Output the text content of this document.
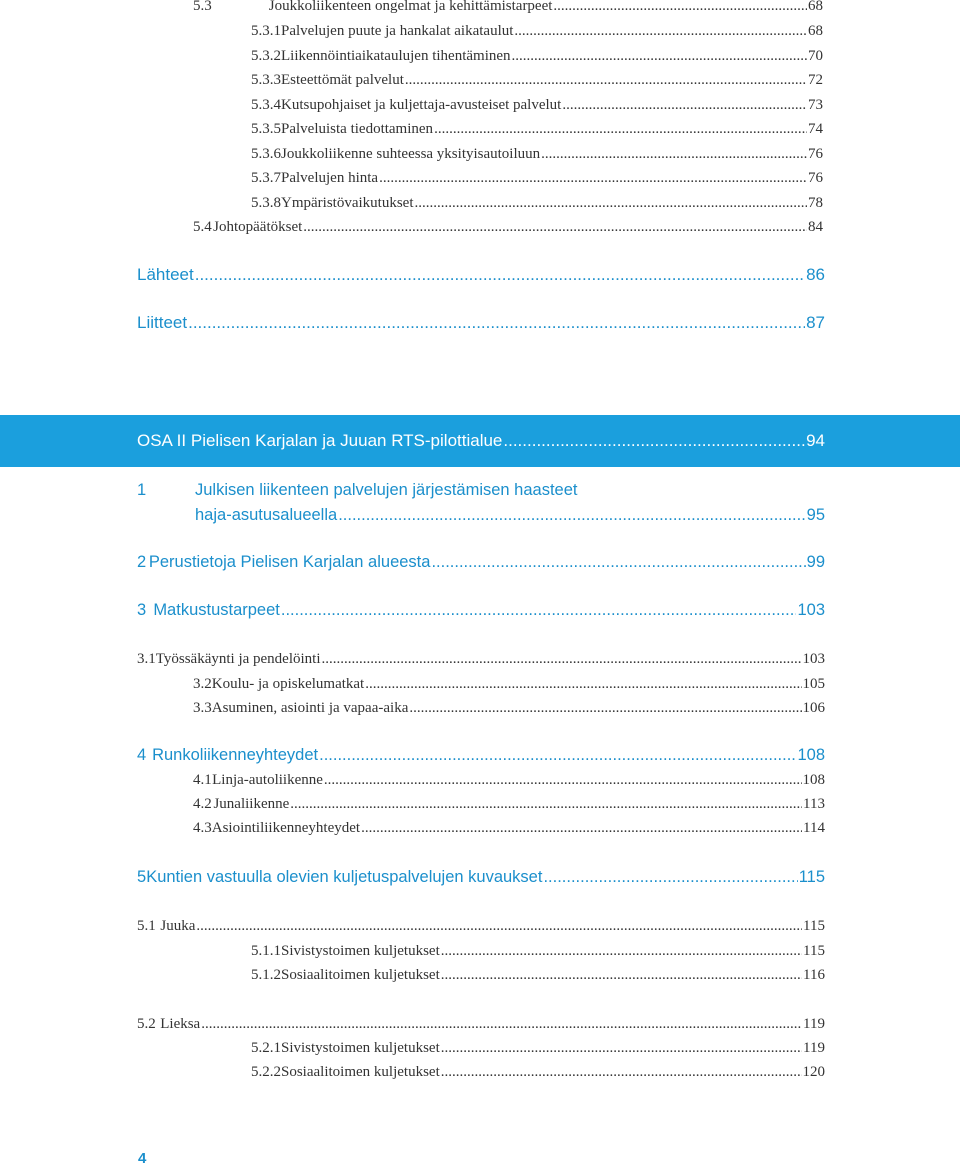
5.3	Joukkoliikenteen ongelmat ja kehittämistarpeet .....	68
5.3.1 Palvelujen puute ja hankalat aikataulut .....	68
5.3.2 Liikennöintiaikataulujen tihentäminen .....	70
5.3.3 Esteettömät palvelut .....	72
5.3.4 Kutsupohjaiset ja kuljettaja-avusteiset palvelut .....	73
5.3.5 Palveluista tiedottaminen .....	74
5.3.6 Joukkoliikenne suhteessa yksityisautoiluun .....	76
5.3.7 Palvelujen hinta .....	76
5.3.8 Ympäristövaikutukset .....	78
5.4 Johtopäätökset .....	84
Lähteet .....	86
Liitteet .....	87
OSA II Pielisen Karjalan ja Juuan RTS-pilottialue .....	94
1	Julkisen liikenteen palvelujen järjestämisen haasteet
haja-asutusalueella .....	95
2 Perustietoja Pielisen Karjalan alueesta .....	99
3 Matkustustarpeet .....	103
3.1 Työssäkäynti ja pendelöinti .....	103
3.2 Koulu- ja opiskelumatkat .....	105
3.3 Asuminen, asiointi ja vapaa-aika .....	106
4 Runkoliikenneyhteydet .....	108
4.1 Linja-autoliikenne .....	108
4.2 Junaliikenne .....	113
4.3 Asiointiliikenneyhteydet .....	114
5 Kuntien vastuulla olevien kuljetuspalvelujen kuvaukset .....	115
5.1 Juuka .....	115
5.1.1 Sivistystoimen kuljetukset .....	115
5.1.2 Sosiaalitoimen kuljetukset .....	116
5.2 Lieksa .....	119
5.2.1 Sivistystoimen kuljetukset .....	119
5.2.2 Sosiaalitoimen kuljetukset .....	120
4
